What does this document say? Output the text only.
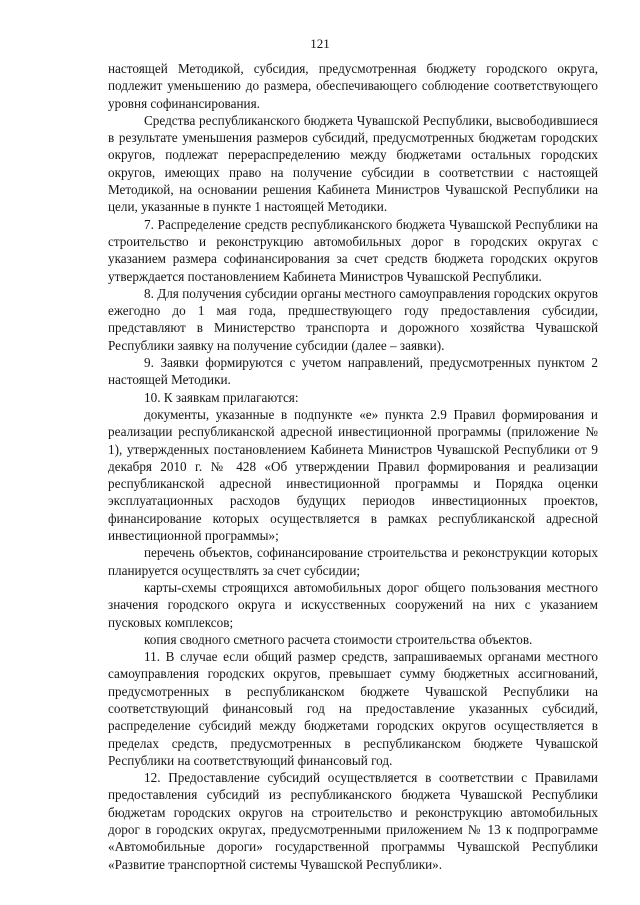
121

настоящей Методикой, субсидия, предусмотренная бюджету городского округа, подлежит уменьшению до размера, обеспечивающего соблюдение соответствующего уровня софинансирования.

Средства республиканского бюджета Чувашской Республики, высвободившиеся в результате уменьшения размеров субсидий, предусмотренных бюджетам городских округов, подлежат перераспределению между бюджетами остальных городских округов, имеющих право на получение субсидии в соответствии с настоящей Методикой, на основании решения Кабинета Министров Чувашской Республики на цели, указанные в пункте 1 настоящей Методики.

7. Распределение средств республиканского бюджета Чувашской Республики на строительство и реконструкцию автомобильных дорог в городских округах с указанием размера софинансирования за счет средств бюджета городских округов утверждается постановлением Кабинета Министров Чувашской Республики.

8. Для получения субсидии органы местного самоуправления городских округов ежегодно до 1 мая года, предшествующего году предоставления субсидии, представляют в Министерство транспорта и дорожного хозяйства Чувашской Республики заявку на получение субсидии (далее – заявки).

9. Заявки формируются с учетом направлений, предусмотренных пунктом 2 настоящей Методики.

10. К заявкам прилагаются:

документы, указанные в подпункте «е» пункта 2.9 Правил формирования и реализации республиканской адресной инвестиционной программы (приложение № 1), утвержденных постановлением Кабинета Министров Чувашской Республики от 9 декабря 2010 г. № 428 «Об утверждении Правил формирования и реализации республиканской адресной инвестиционной программы и Порядка оценки эксплуатационных расходов будущих периодов инвестиционных проектов, финансирование которых осуществляется в рамках республиканской адресной инвестиционной программы»;

перечень объектов, софинансирование строительства и реконструкции которых планируется осуществлять за счет субсидии;

карты-схемы строящихся автомобильных дорог общего пользования местного значения городского округа и искусственных сооружений на них с указанием пусковых комплексов;

копия сводного сметного расчета стоимости строительства объектов.

11. В случае если общий размер средств, запрашиваемых органами местного самоуправления городских округов, превышает сумму бюджетных ассигнований, предусмотренных в республиканском бюджете Чувашской Республики на соответствующий финансовый год на предоставление указанных субсидий, распределение субсидий между бюджетами городских округов осуществляется в пределах средств, предусмотренных в республиканском бюджете Чувашской Республики на соответствующий финансовый год.

12. Предоставление субсидий осуществляется в соответствии с Правилами предоставления субсидий из республиканского бюджета Чувашской Республики бюджетам городских округов на строительство и реконструкцию автомобильных дорог в городских округах, предусмотренными приложением № 13 к подпрограмме «Автомобильные дороги» государственной программы Чувашской Республики «Развитие транспортной системы Чувашской Республики».
